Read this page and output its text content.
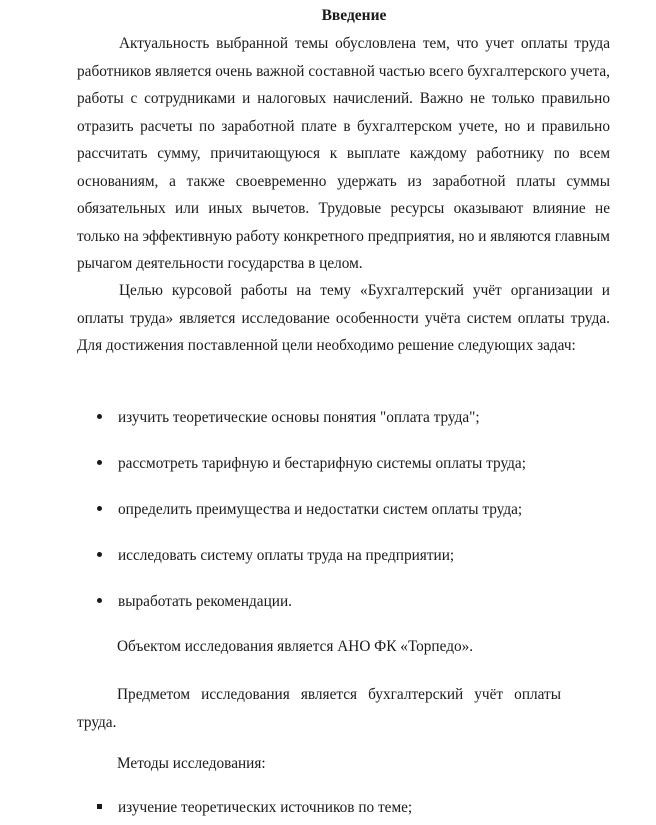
Введение

Актуальность выбранной темы обусловлена тем, что учет оплаты труда работников является очень важной составной частью всего бухгалтерского учета, работы с сотрудниками и налоговых начислений. Важно не только правильно отразить расчеты по заработной плате в бухгалтерском учете, но и правильно рассчитать сумму, причитающуюся к выплате каждому работнику по всем основаниям, а также своевременно удержать из заработной платы суммы обязательных или иных вычетов. Трудовые ресурсы оказывают влияние не только на эффективную работу конкретного предприятия, но и являются главным рычагом деятельности государства в целом.

Целью курсовой работы на тему «Бухгалтерский учёт организации и оплаты труда» является исследование особенности учёта систем оплаты труда. Для достижения поставленной цели необходимо решение следующих задач:

изучить теоретические основы понятия "оплата труда";
рассмотреть тарифную и бестарифную системы оплаты труда;
определить преимущества и недостатки систем оплаты труда;
исследовать систему оплаты труда на предприятии;
выработать рекомендации.

Объектом исследования является АНО ФК «Торпедо».

Предметом исследования является бухгалтерский учёт оплаты труда.

Методы исследования:

изучение теоретических источников по теме;
